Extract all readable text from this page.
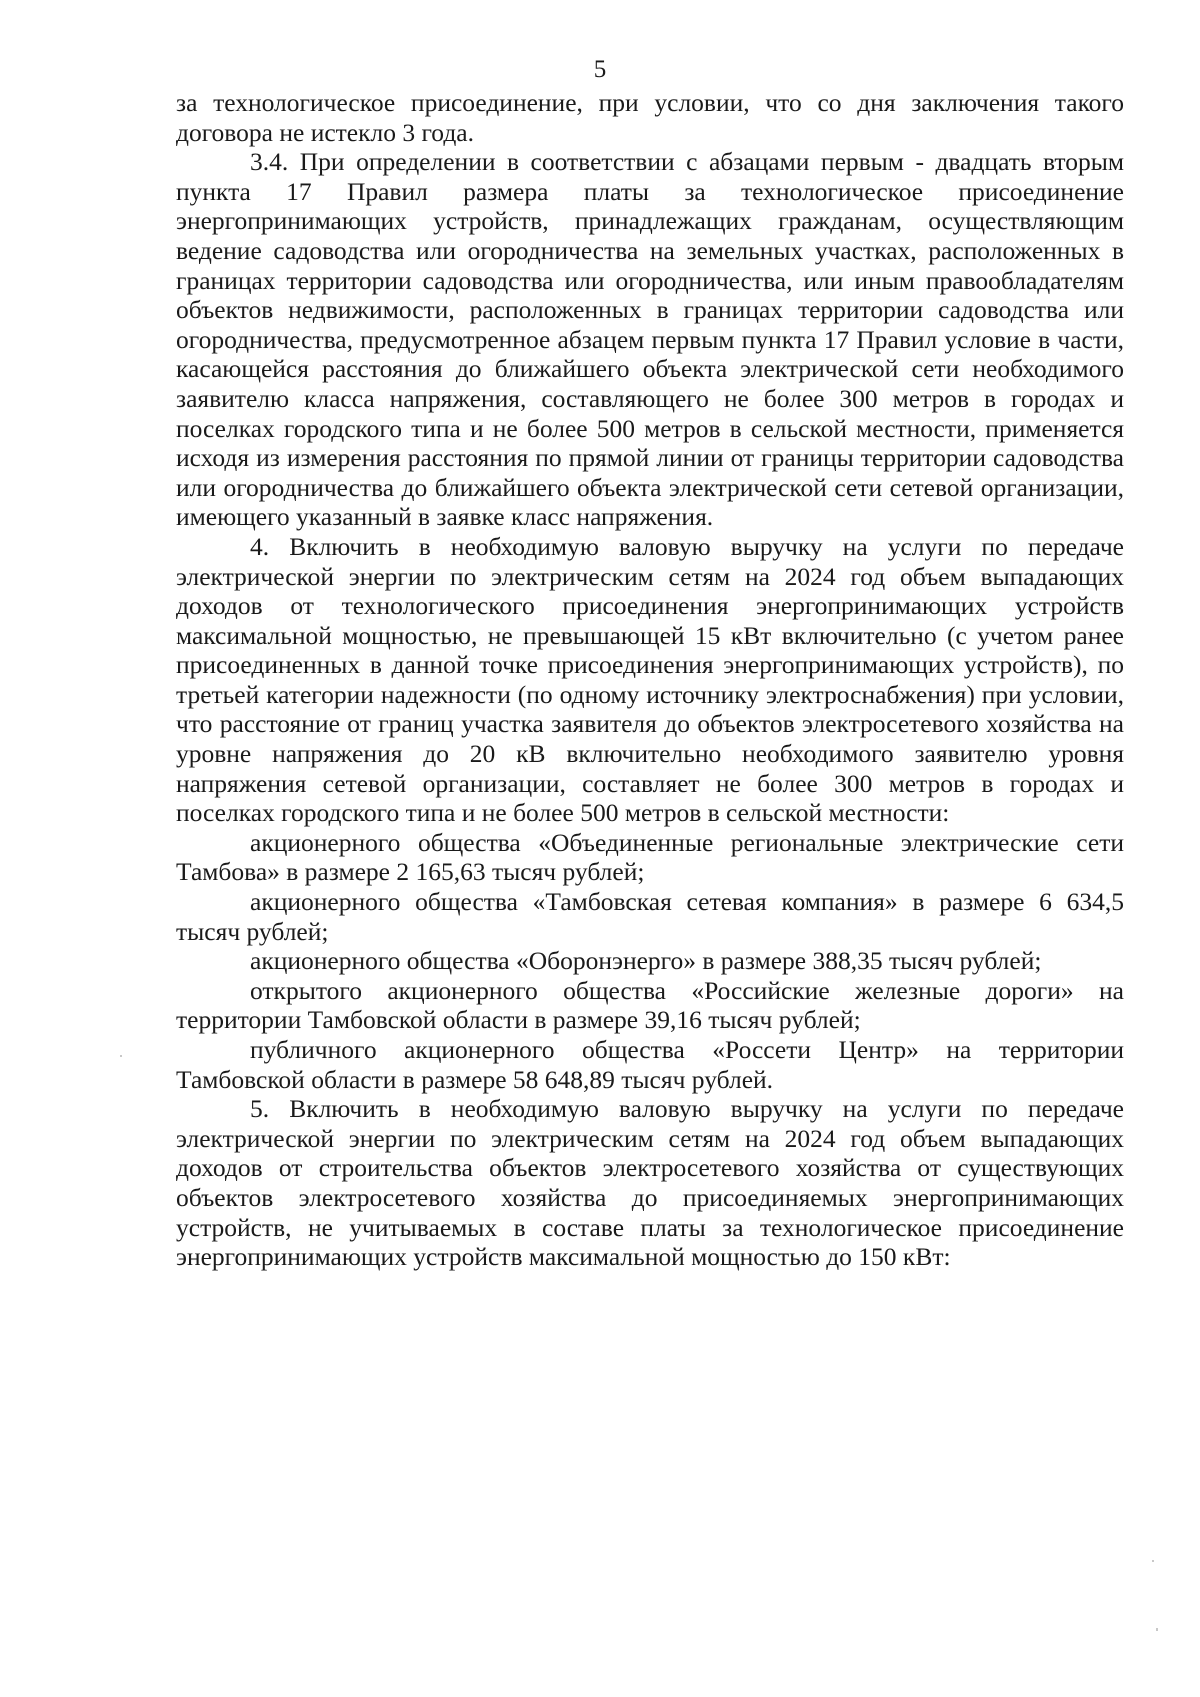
5

за технологическое присоединение, при условии, что со дня заключения такого договора не истекло 3 года.

3.4. При определении в соответствии с абзацами первым - двадцать вторым пункта 17 Правил размера платы за технологическое присоединение энергопринимающих устройств, принадлежащих гражданам, осуществляющим ведение садоводства или огородничества на земельных участках, расположенных в границах территории садоводства или огородничества, или иным правообладателям объектов недвижимости, расположенных в границах территории садоводства или огородничества, предусмотренное абзацем первым пункта 17 Правил условие в части, касающейся расстояния до ближайшего объекта электрической сети необходимого заявителю класса напряжения, составляющего не более 300 метров в городах и поселках городского типа и не более 500 метров в сельской местности, применяется исходя из измерения расстояния по прямой линии от границы территории садоводства или огородничества до ближайшего объекта электрической сети сетевой организации, имеющего указанный в заявке класс напряжения.

4. Включить в необходимую валовую выручку на услуги по передаче электрической энергии по электрическим сетям на 2024 год объем выпадающих доходов от технологического присоединения энергопринимающих устройств максимальной мощностью, не превышающей 15 кВт включительно (с учетом ранее присоединенных в данной точке присоединения энергопринимающих устройств), по третьей категории надежности (по одному источнику электроснабжения) при условии, что расстояние от границ участка заявителя до объектов электросетевого хозяйства на уровне напряжения до 20 кВ включительно необходимого заявителю уровня напряжения сетевой организации, составляет не более 300 метров в городах и поселках городского типа и не более 500 метров в сельской местности:

акционерного общества «Объединенные региональные электрические сети Тамбова» в размере 2 165,63 тысяч рублей;

акционерного общества «Тамбовская сетевая компания» в размере 6 634,5 тысяч рублей;

акционерного общества «Оборонэнерго» в размере 388,35 тысяч рублей;

открытого акционерного общества «Российские железные дороги» на территории Тамбовской области в размере 39,16 тысяч рублей;

публичного акционерного общества «Россети Центр» на территории Тамбовской области в размере 58 648,89 тысяч рублей.

5. Включить в необходимую валовую выручку на услуги по передаче электрической энергии по электрическим сетям на 2024 год объем выпадающих доходов от строительства объектов электросетевого хозяйства от существующих объектов электросетевого хозяйства до присоединяемых энергопринимающих устройств, не учитываемых в составе платы за технологическое присоединение энергопринимающих устройств максимальной мощностью до 150 кВт:
